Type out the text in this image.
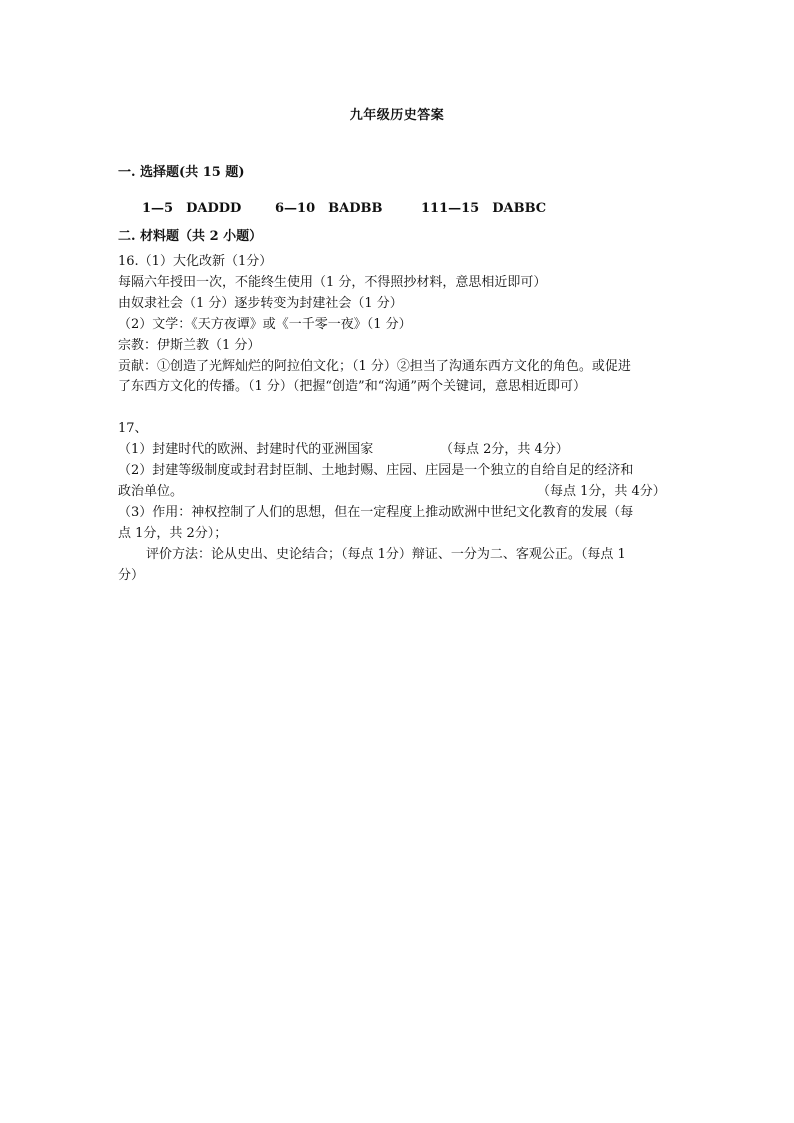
九年级历史答案
一. 选择题(共 15 题)
1—5　DADDD	6—10　BADBB	111—15　DABBC
二. 材料题（共 2 小题）
16.（1）大化改新（1分）
每隔六年授田一次，不能终生使用（1 分，不得照抄材料，意思相近即可）
由奴隶社会（1 分）逐步转变为封建社会（1 分）
（2）文学：《天方夜谭》或《一千零一夜》（1 分）
宗教：伊斯兰教（1 分）
贡献：①创造了光辉灿烂的阿拉伯文化；（1 分）②担当了沟通东西方文化的角色。或促进
了东西方文化的传播。（1 分）（把握“创造”和“沟通”两个关键词，意思相近即可）
17、
（1）封建时代的欧洲、封建时代的亚洲国家	（每点 2分，共 4分）
（2）封建等级制度或封君封臣制、土地封赐、庄园、庄园是一个独立的自给自足的经济和
政治单位。	（每点 1分，共 4分）
（3）作用：神权控制了人们的思想，但在一定程度上推动欧洲中世纪文化教育的发展（每
点 1分，共 2分）；
评价方法：论从史出、史论结合；（每点 1分）辩证、一分为二、客观公正。（每点 1
分）
